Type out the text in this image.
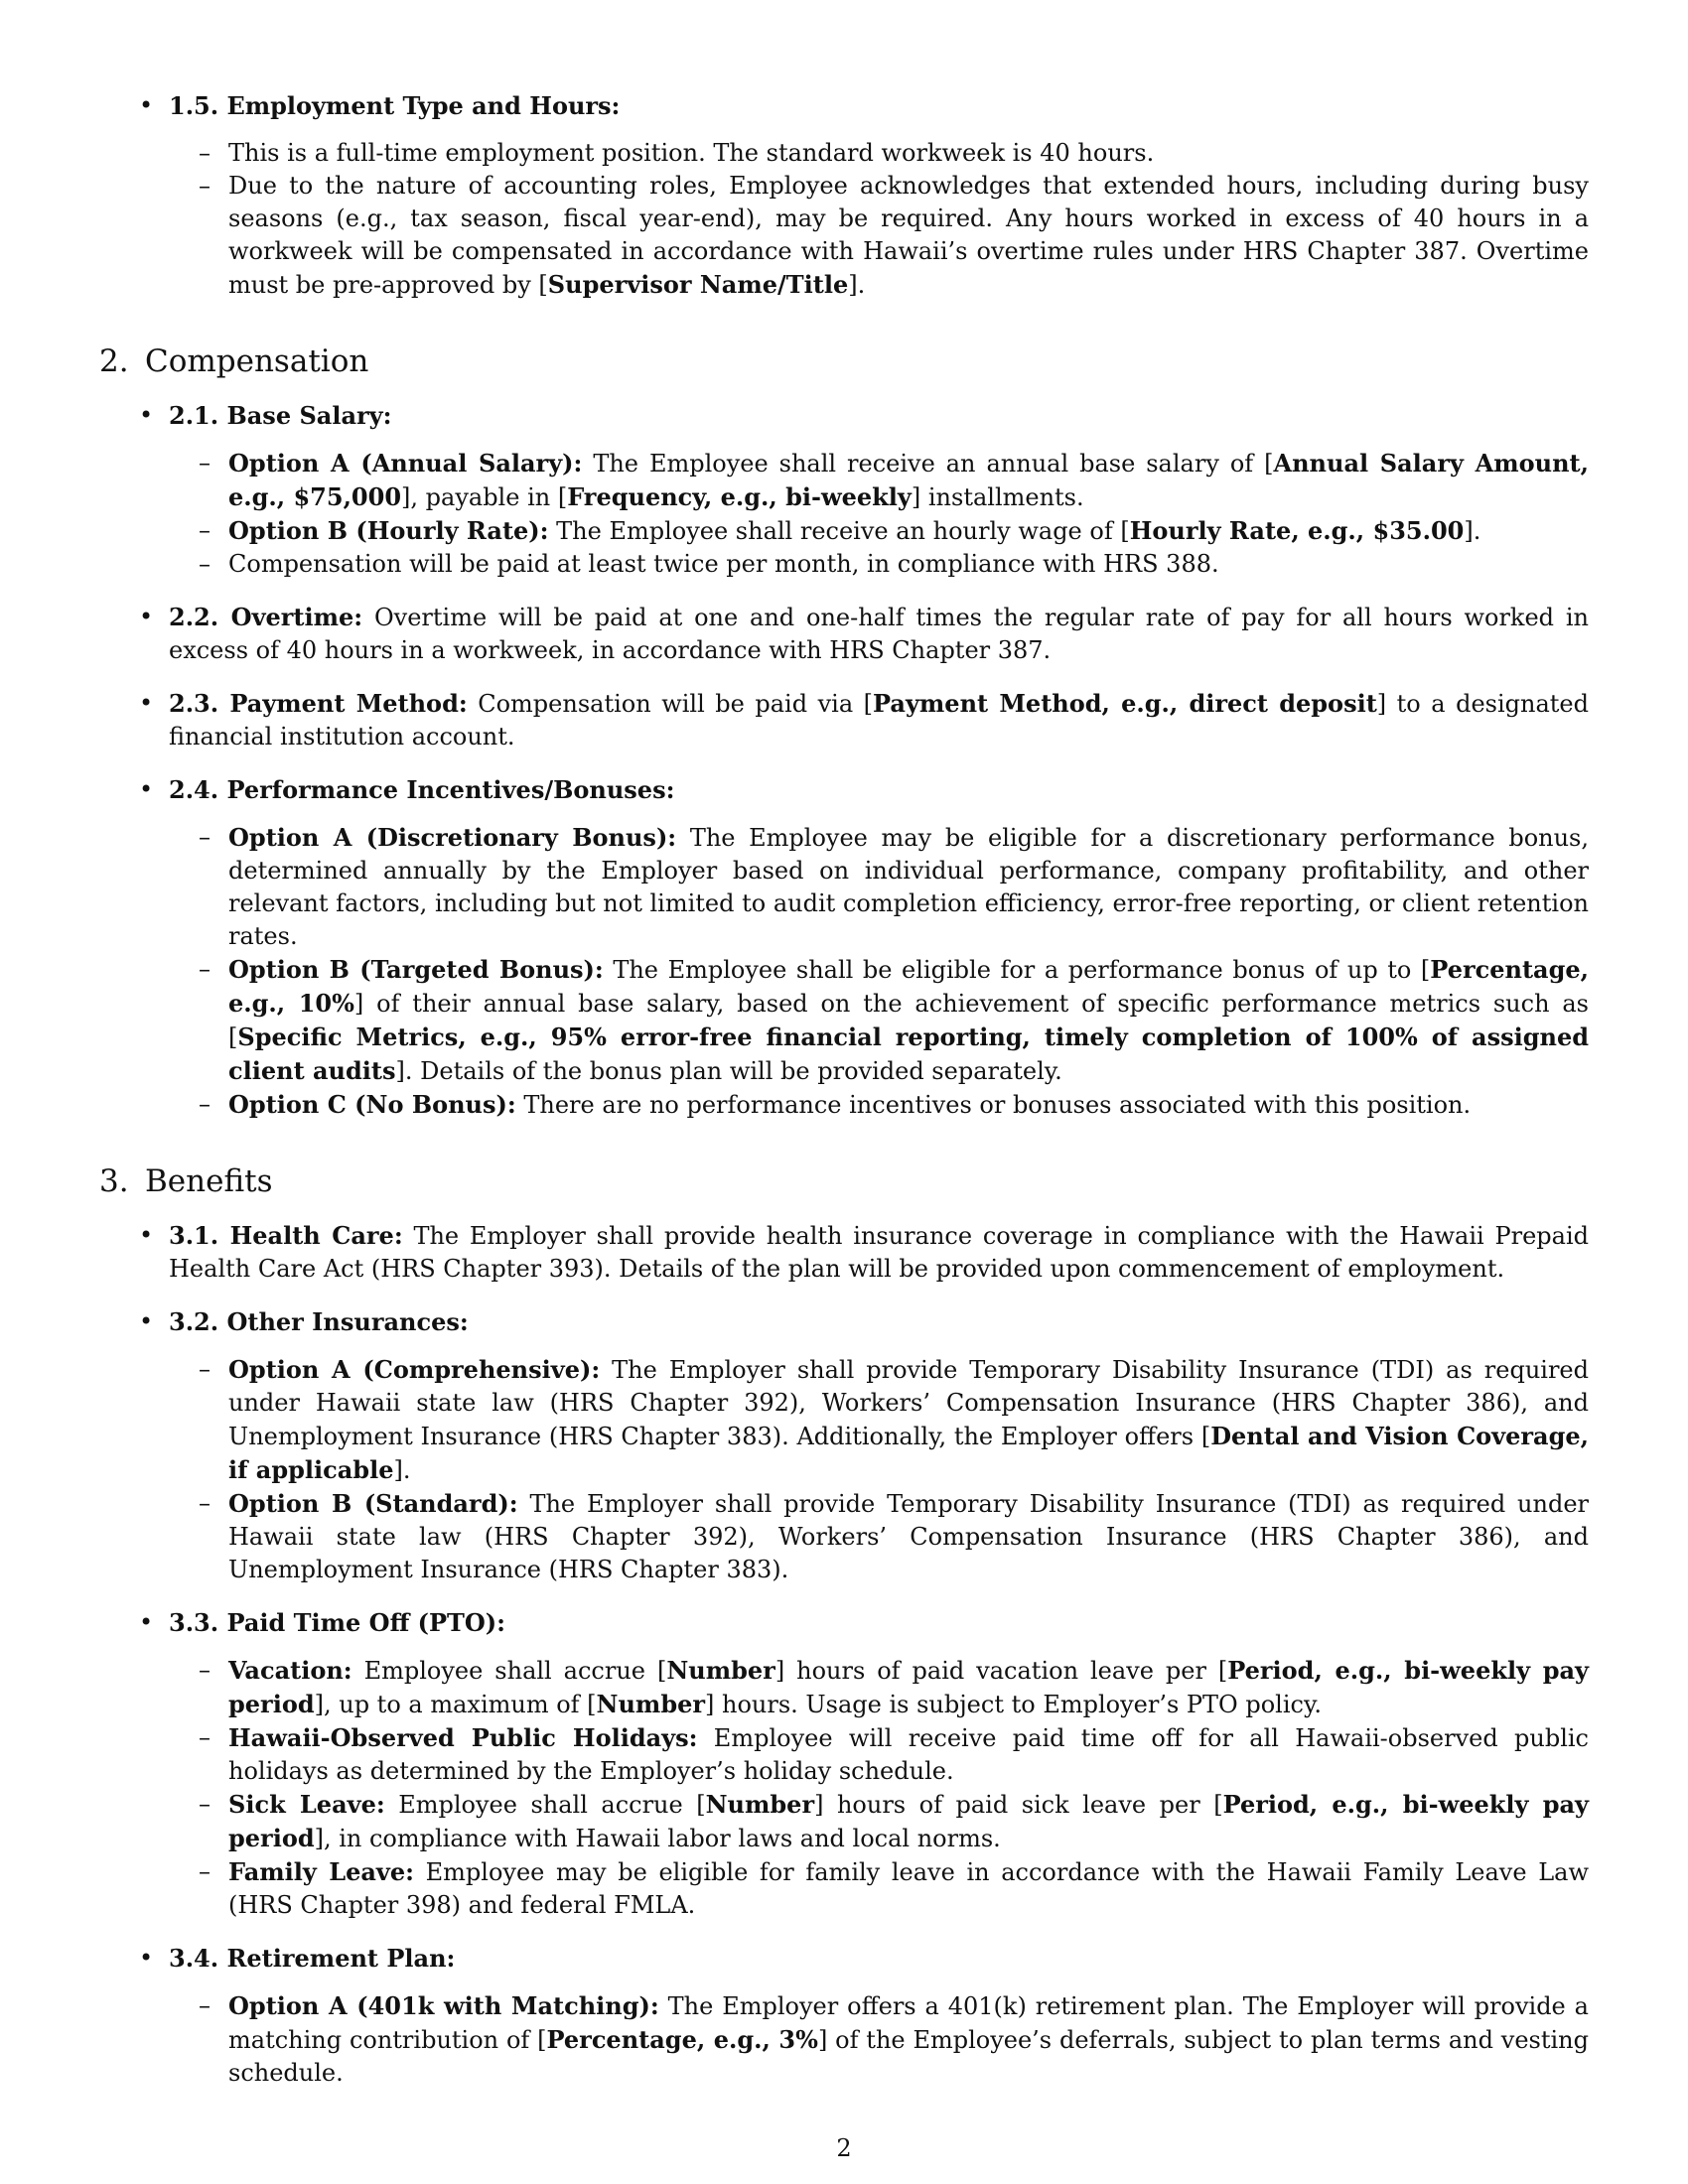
• 1.5. Employment Type and Hours:

– This is a full-time employment position. The standard workweek is 40 hours.

– Due to the nature of accounting roles, Employee acknowledges that extended hours, including during busy seasons (e.g., tax season, fiscal year-end), may be required. Any hours worked in excess of 40 hours in a workweek will be compensated in accordance with Hawaii’s overtime rules under HRS Chapter 387. Overtime must be pre-approved by [Supervisor Name/Title].

2. Compensation
• 2.1. Base Salary:

– Option A (Annual Salary): The Employee shall receive an annual base salary of [Annual Salary Amount, e.g., $75,000], payable in [Frequency, e.g., bi-weekly] installments.

– Option B (Hourly Rate): The Employee shall receive an hourly wage of [Hourly Rate, e.g., $35.00].

– Compensation will be paid at least twice per month, in compliance with HRS 388.

• 2.2. Overtime: Overtime will be paid at one and one-half times the regular rate of pay for all hours worked in excess of 40 hours in a workweek, in accordance with HRS Chapter 387.

• 2.3. Payment Method: Compensation will be paid via [Payment Method, e.g., direct deposit] to a designated financial institution account.

• 2.4. Performance Incentives/Bonuses:

– Option A (Discretionary Bonus): The Employee may be eligible for a discretionary performance bonus, determined annually by the Employer based on individual performance, company profitability, and other relevant factors, including but not limited to audit completion efficiency, error-free reporting, or client retention rates.

– Option B (Targeted Bonus): The Employee shall be eligible for a performance bonus of up to [Percentage, e.g., 10%] of their annual base salary, based on the achievement of specific performance metrics such as [Specific Metrics, e.g., 95% error-free financial reporting, timely completion of 100% of assigned client audits]. Details of the bonus plan will be provided separately.

– Option C (No Bonus): There are no performance incentives or bonuses associated with this position.

3. Benefits

• 3.1. Health Care: The Employer shall provide health insurance coverage in compliance with the Hawaii Prepaid Health Care Act (HRS Chapter 393). Details of the plan will be provided upon commencement of employment.

• 3.2. Other Insurances:

– Option A (Comprehensive): The Employer shall provide Temporary Disability Insurance (TDI) as required under Hawaii state law (HRS Chapter 392), Workers’ Compensation Insurance (HRS Chapter 386), and Unemployment Insurance (HRS Chapter 383). Additionally, the Employer offers [Dental and Vision Coverage, if applicable].

– Option B (Standard): The Employer shall provide Temporary Disability Insurance (TDI) as required under Hawaii state law (HRS Chapter 392), Workers’ Compensation Insurance (HRS Chapter 386), and Unemployment Insurance (HRS Chapter 383).

• 3.3. Paid Time Off (PTO):

– Vacation: Employee shall accrue [Number] hours of paid vacation leave per [Period, e.g., bi-weekly pay period], up to a maximum of [Number] hours. Usage is subject to Employer’s PTO policy.

– Hawaii-Observed Public Holidays: Employee will receive paid time off for all Hawaii-observed public holidays as determined by the Employer’s holiday schedule.

– Sick Leave: Employee shall accrue [Number] hours of paid sick leave per [Period, e.g., bi-weekly pay period], in compliance with Hawaii labor laws and local norms.

– Family Leave: Employee may be eligible for family leave in accordance with the Hawaii Family Leave Law (HRS Chapter 398) and federal FMLA.

• 3.4. Retirement Plan:

– Option A (401k with Matching): The Employer offers a 401(k) retirement plan. The Employer will provide a matching contribution of [Percentage, e.g., 3%] of the Employee’s deferrals, subject to plan terms and vesting schedule.

2
